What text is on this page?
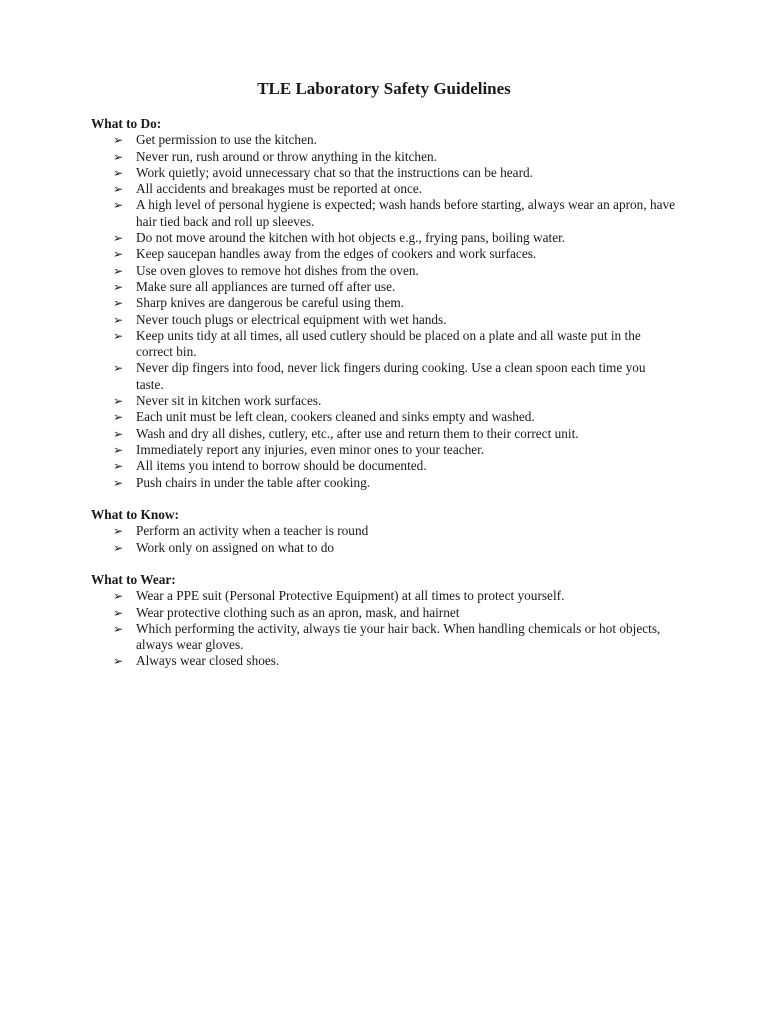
TLE Laboratory Safety Guidelines
What to Do:
➢ Get permission to use the kitchen.
➢ Never run, rush around or throw anything in the kitchen.
➢ Work quietly; avoid unnecessary chat so that the instructions can be heard.
➢ All accidents and breakages must be reported at once.
➢ A high level of personal hygiene is expected; wash hands before starting, always wear an apron, have hair tied back and roll up sleeves.
➢ Do not move around the kitchen with hot objects e.g., frying pans, boiling water.
➢ Keep saucepan handles away from the edges of cookers and work surfaces.
➢ Use oven gloves to remove hot dishes from the oven.
➢ Make sure all appliances are turned off after use.
➢ Sharp knives are dangerous be careful using them.
➢ Never touch plugs or electrical equipment with wet hands.
➢ Keep units tidy at all times, all used cutlery should be placed on a plate and all waste put in the correct bin.
➢ Never dip fingers into food, never lick fingers during cooking. Use a clean spoon each time you taste.
➢ Never sit in kitchen work surfaces.
➢ Each unit must be left clean, cookers cleaned and sinks empty and washed.
➢ Wash and dry all dishes, cutlery, etc., after use and return them to their correct unit.
➢ Immediately report any injuries, even minor ones to your teacher.
➢ All items you intend to borrow should be documented.
➢ Push chairs in under the table after cooking.
What to Know:
➢ Perform an activity when a teacher is round
➢ Work only on assigned on what to do
What to Wear:
➢ Wear a PPE suit (Personal Protective Equipment) at all times to protect yourself.
➢ Wear protective clothing such as an apron, mask, and hairnet
➢ Which performing the activity, always tie your hair back. When handling chemicals or hot objects, always wear gloves.
➢ Always wear closed shoes.
